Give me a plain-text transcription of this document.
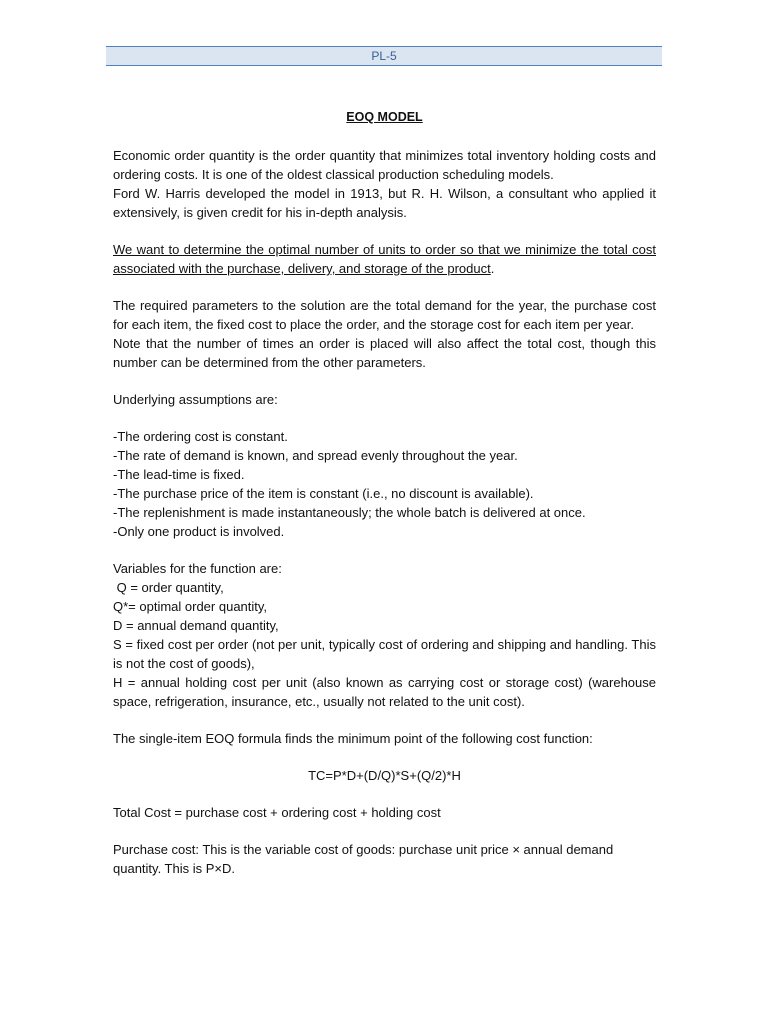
PL-5
EOQ MODEL

Economic order quantity is the order quantity that minimizes total inventory holding costs and ordering costs. It is one of the oldest classical production scheduling models.
Ford W. Harris developed the model in 1913, but R. H. Wilson, a consultant who applied it extensively, is given credit for his in-depth analysis.

We want to determine the optimal number of units to order so that we minimize the total cost associated with the purchase, delivery, and storage of the product.

The required parameters to the solution are the total demand for the year, the purchase cost for each item, the fixed cost to place the order, and the storage cost for each item per year.

Note that the number of times an order is placed will also affect the total cost, though this number can be determined from the other parameters.

Underlying assumptions are:

-The ordering cost is constant.
-The rate of demand is known, and spread evenly throughout the year.
-The lead-time is fixed.
-The purchase price of the item is constant (i.e., no discount is available).
-The replenishment is made instantaneously; the whole batch is delivered at once.
-Only one product is involved.

Variables for the function are:

Q = order quantity,
Q*= optimal order quantity,
D = annual demand quantity,

S = fixed cost per order (not per unit, typically cost of ordering and shipping and handling. This is not the cost of goods),

H = annual holding cost per unit (also known as carrying cost or storage cost) (warehouse space, refrigeration, insurance, etc., usually not related to the unit cost).

The single-item EOQ formula finds the minimum point of the following cost function:

TC=P*D+(D/Q)*S+(Q/2)*H

Total Cost = purchase cost + ordering cost + holding cost

Purchase cost: This is the variable cost of goods: purchase unit price × annual demand quantity. This is P×D.
